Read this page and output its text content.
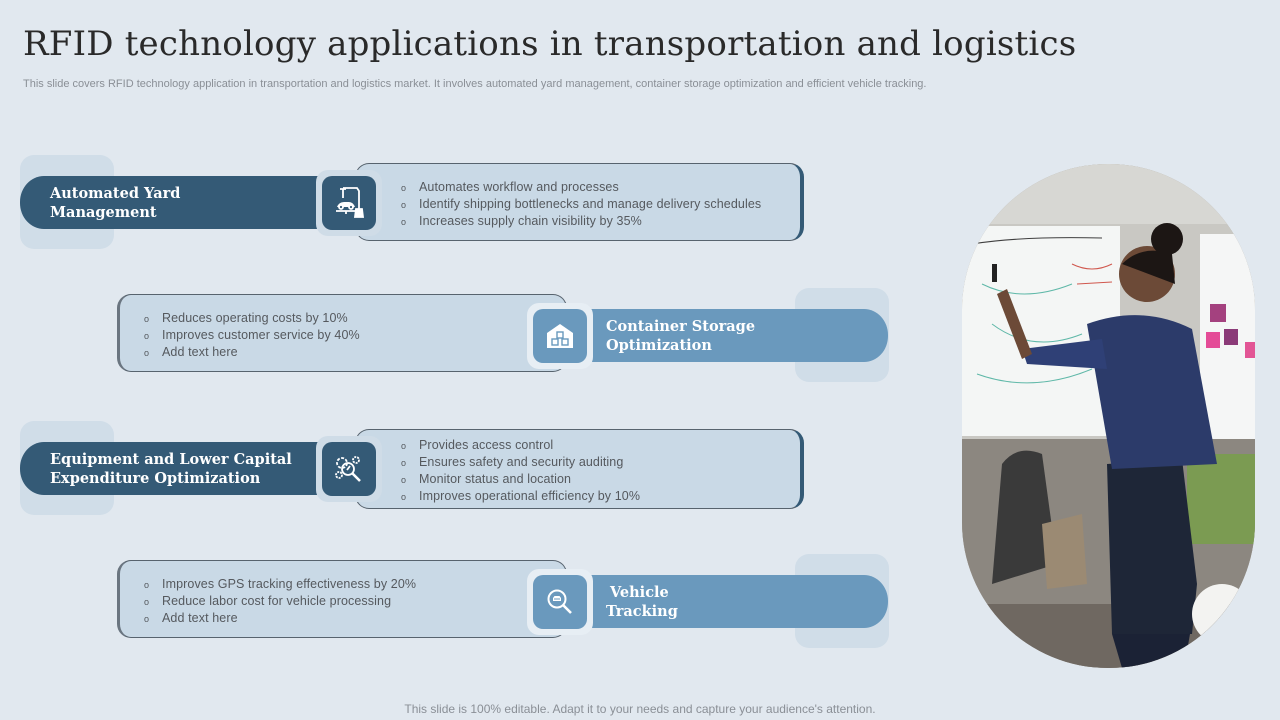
RFID technology applications in transportation and logistics
This slide covers RFID technology application in transportation and logistics market. It involves automated yard management, container storage optimization and efficient vehicle tracking.
o Automates workflow and processes
o Identify shipping bottlenecks and manage delivery schedules
o Increases supply chain visibility by 35%
Automated Yard
Management
o Reduces operating costs by 10%
o Improves customer service by 40%
o Add text here
Container Storage
Optimization
o Provides access control
o Ensures safety and security auditing
o Monitor status and location
o Improves operational efficiency by 10%
Equipment and Lower Capital
Expenditure Optimization
o Improves GPS tracking effectiveness by 20%
o Reduce labor cost for vehicle processing
o Add text here
Vehicle
Tracking
This slide is 100% editable. Adapt it to your needs and capture your audience's attention.
